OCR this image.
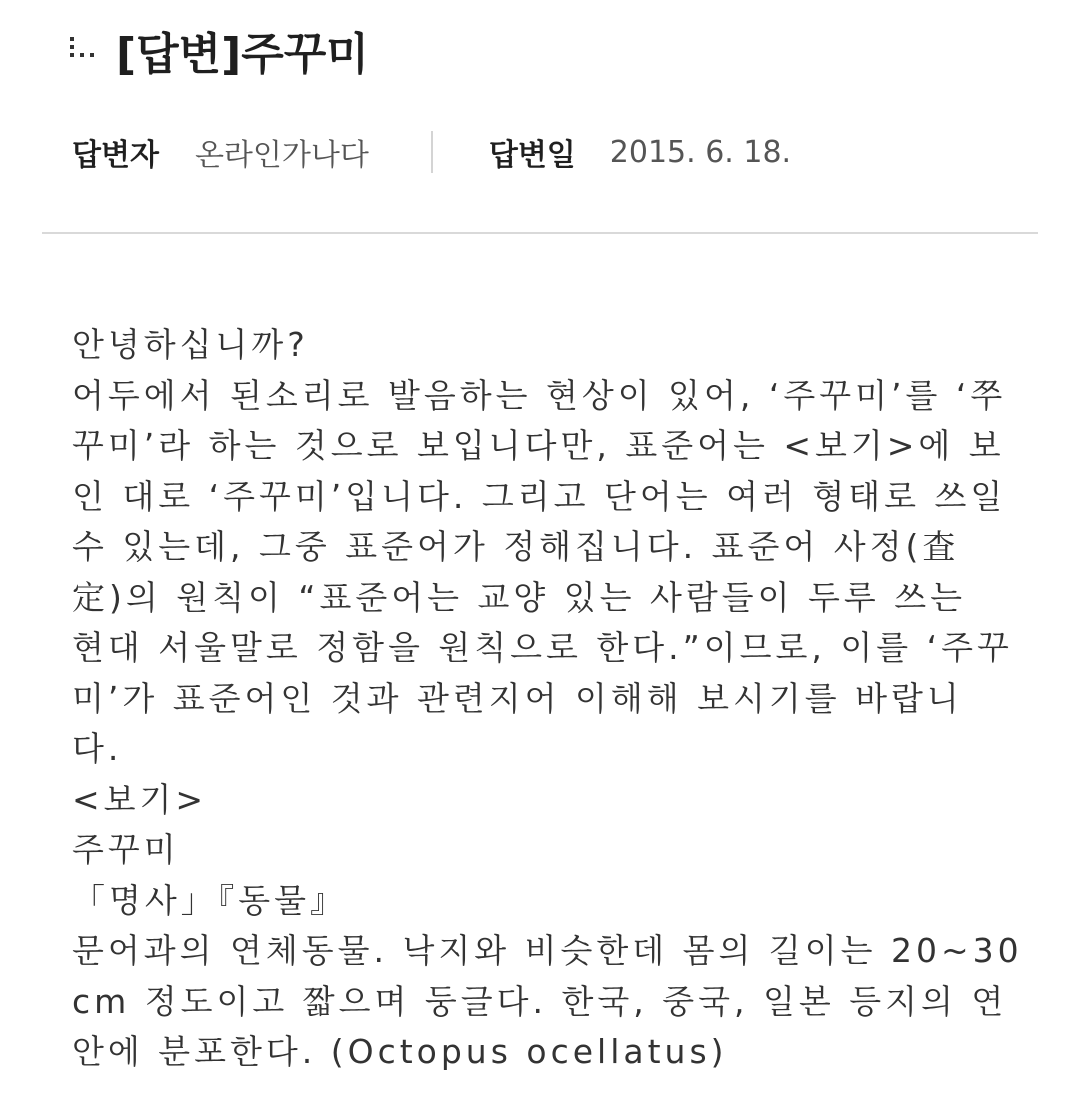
[답변]주꾸미
답변자 온라인가나다	답변일 2015. 6. 18.
안녕하십니까?
어두에서 된소리로 발음하는 현상이 있어, ‘주꾸미’를 ‘쭈
꾸미’라 하는 것으로 보입니다만, 표준어는 <보기>에 보
인 대로 ‘주꾸미’입니다. 그리고 단어는 여러 형태로 쓰일
수 있는데, 그중 표준어가 정해집니다. 표준어 사정(査
定)의 원칙이 “표준어는 교양 있는 사람들이 두루 쓰는
현대 서울말로 정함을 원칙으로 한다.”이므로, 이를 ‘주꾸
미’가 표준어인 것과 관련지어 이해해 보시기를 바랍니
다.
<보기>
주꾸미
「명사」『동물』
문어과의 연체동물. 낙지와 비슷한데 몸의 길이는 20~30
cm 정도이고 짧으며 둥글다. 한국, 중국, 일본 등지의 연
안에 분포한다. (Octopus ocellatus)
